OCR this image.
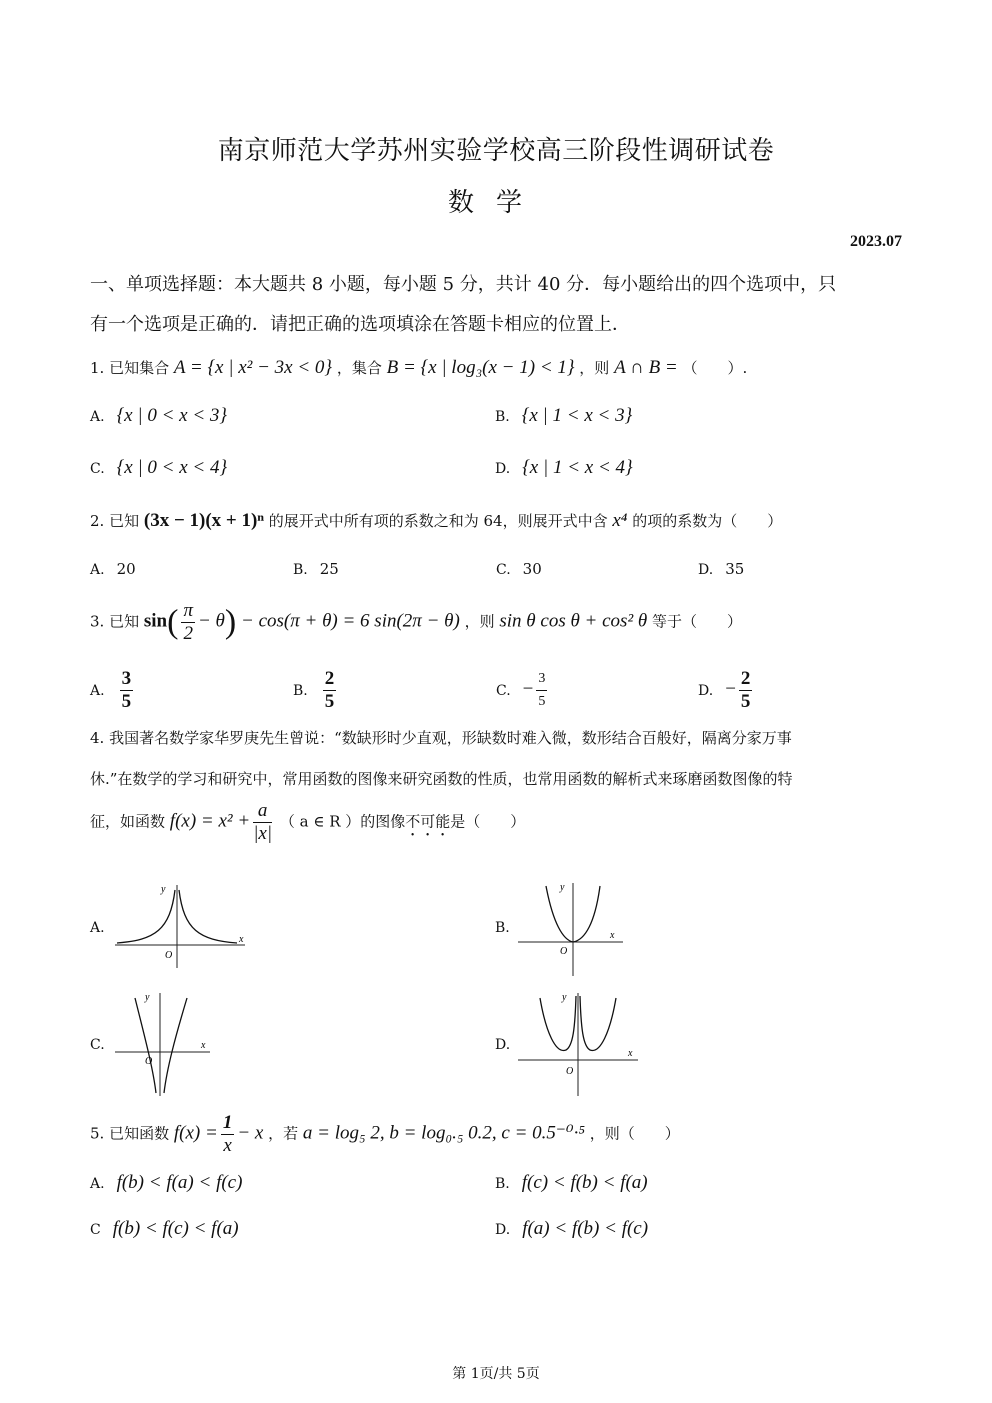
南京师范大学苏州实验学校高三阶段性调研试卷
数学
2023.07
一、单项选择题：本大题共 8 小题，每小题 5 分，共计 40 分．每小题给出的四个选项中，只
有一个选项是正确的．请把正确的选项填涂在答题卡相应的位置上．
1. 已知集合 A = {x | x² − 3x < 0} ，集合 B = {x | log₃(x − 1) < 1} ，则 A ∩ B = （　　）.
A. {x | 0 < x < 3}	B. {x | 1 < x < 3}
C. {x | 0 < x < 4}	D. {x | 1 < x < 4}
2. 已知 (3x − 1)(x + 1)ⁿ 的展开式中所有项的系数之和为 64，则展开式中含 x⁴ 的项的系数为（　　）
A. 20	B. 25	C. 30	D. 35
3. 已知 $\sin( \frac{\pi}{2} - \theta) - \cos(\pi + \theta) = 6$ sin(2π − θ) ，则 sin θ cos θ + cos² θ 等于（　　）
A. $\frac{3}{5}$	B. $\frac{2}{5}$	C. − $\frac{3}{5}$	D. − $\frac{2}{5}$
4. 我国著名数学家华罗庚先生曾说：“数缺形时少直观，形缺数时难入微，数形结合百般好，隔离分家万事
休.”在数学的学习和研究中，常用函数的图像来研究函数的性质，也常用函数的解析式来琢磨函数图像的特
征，如函数 $f(x) = x^2 + \frac{a}{|x|}$ （ a ∈ R ）的图像不可能是（　　）
A.
y
x
O
B.
y
x
O
C.
y
x
O
D.
y
x
O
5. 已知函数 $f(x) = \frac{1}{x} - x$ ，若 a = log₅ 2, b = log₀.₅ 0.2, c = 0.5⁻⁰·⁵ ，则（　　）
A. f(b) < f(a) < f(c)	B. f(c) < f(b) < f(a)
C f(b) < f(c) < f(a)	D. f(a) < f(b) < f(c)
第 1页/共 5页
